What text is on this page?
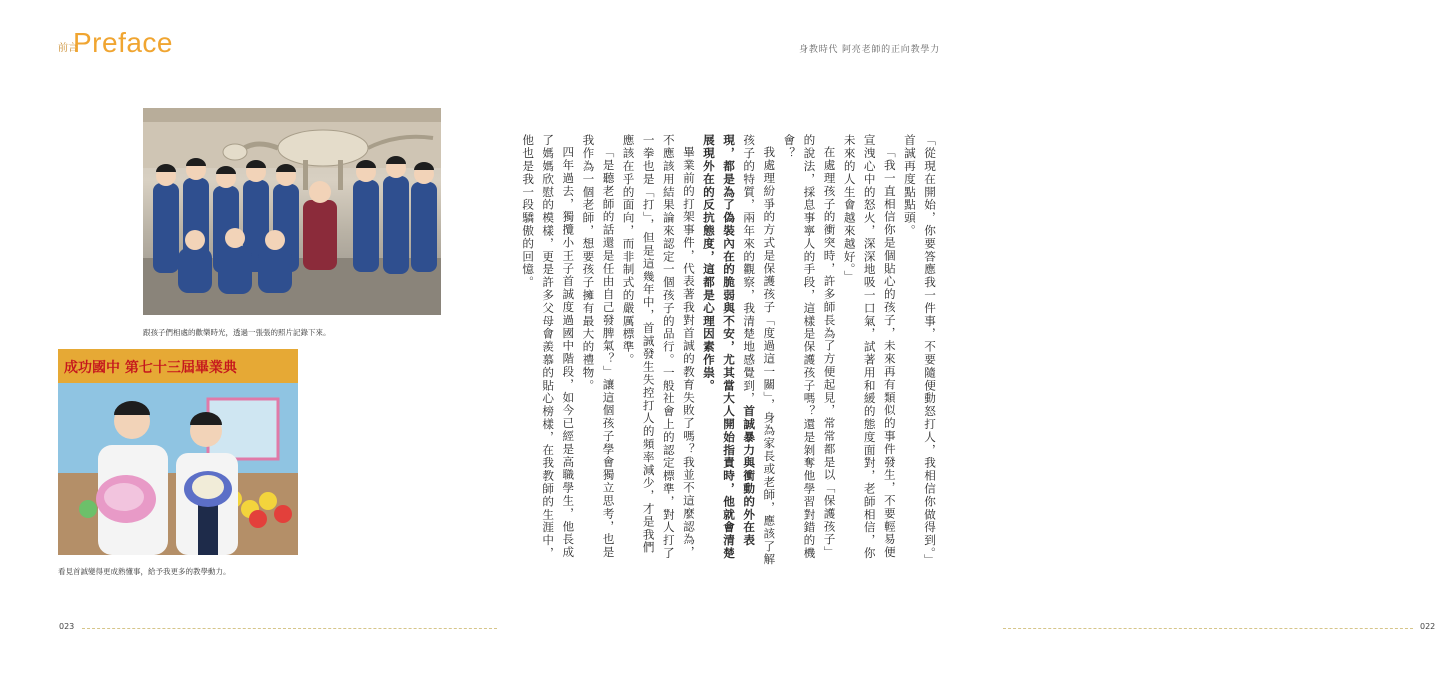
前言
Preface
跟孩子們相處的歡樂時光，透過一張張的照片記錄下來。
成功國中 第七十三屆畢業典
看見首誠變得更成熟懂事，給予我更多的教學動力。
023
身教時代 阿亮老師的正向教學力
022
「從現在開始，你要答應我一件事，不要隨便動怒打人，我相信你做得到。」首誠再度點點頭。
「我一直相信你是個貼心的孩子，未來再有類似的事件發生，不要輕易便宣洩心中的怒火，深深地吸一口氣，試著用和緩的態度面對，老師相信，你未來的人生會越來越好。」
在處理孩子的衝突時，許多師長為了方便起見，常常都是以「保護孩子」的說法，採息事寧人的手段，這樣是保護孩子嗎？還是剝奪他學習對錯的機會？
我處理紛爭的方式是保護孩子「度過這一關」，身為家長或老師，應該了解孩子的特質，兩年來的觀察，我清楚地感覺到，首誠暴力與衝動的外在表現，都是為了偽裝內在的脆弱與不安，尤其當大人開始指責時，他就會清楚展現外在的反抗態度，這都是心理因素作祟。
畢業前的打架事件，代表著我對首誠的教育失敗了嗎？我並不這麼認為，不應該用結果論來認定一個孩子的品行。一般社會上的認定標準，對人打了一拳也是「打」，但是這幾年中，首誠發生失控打人的頻率減少，才是我們應該在乎的面向，而非制式的嚴厲標準。
「是聽老師的話還是任由自己發脾氣？」讓這個孩子學會獨立思考，也是我作為一個老師，想要孩子擁有最大的禮物。
四年過去，獨攬小王子首誠度過國中階段，如今已經是高職學生，他長成了媽媽欣慰的模樣，更是許多父母會羨慕的貼心榜樣，在我教師的生涯中，他也是我一段驕傲的回憶。
